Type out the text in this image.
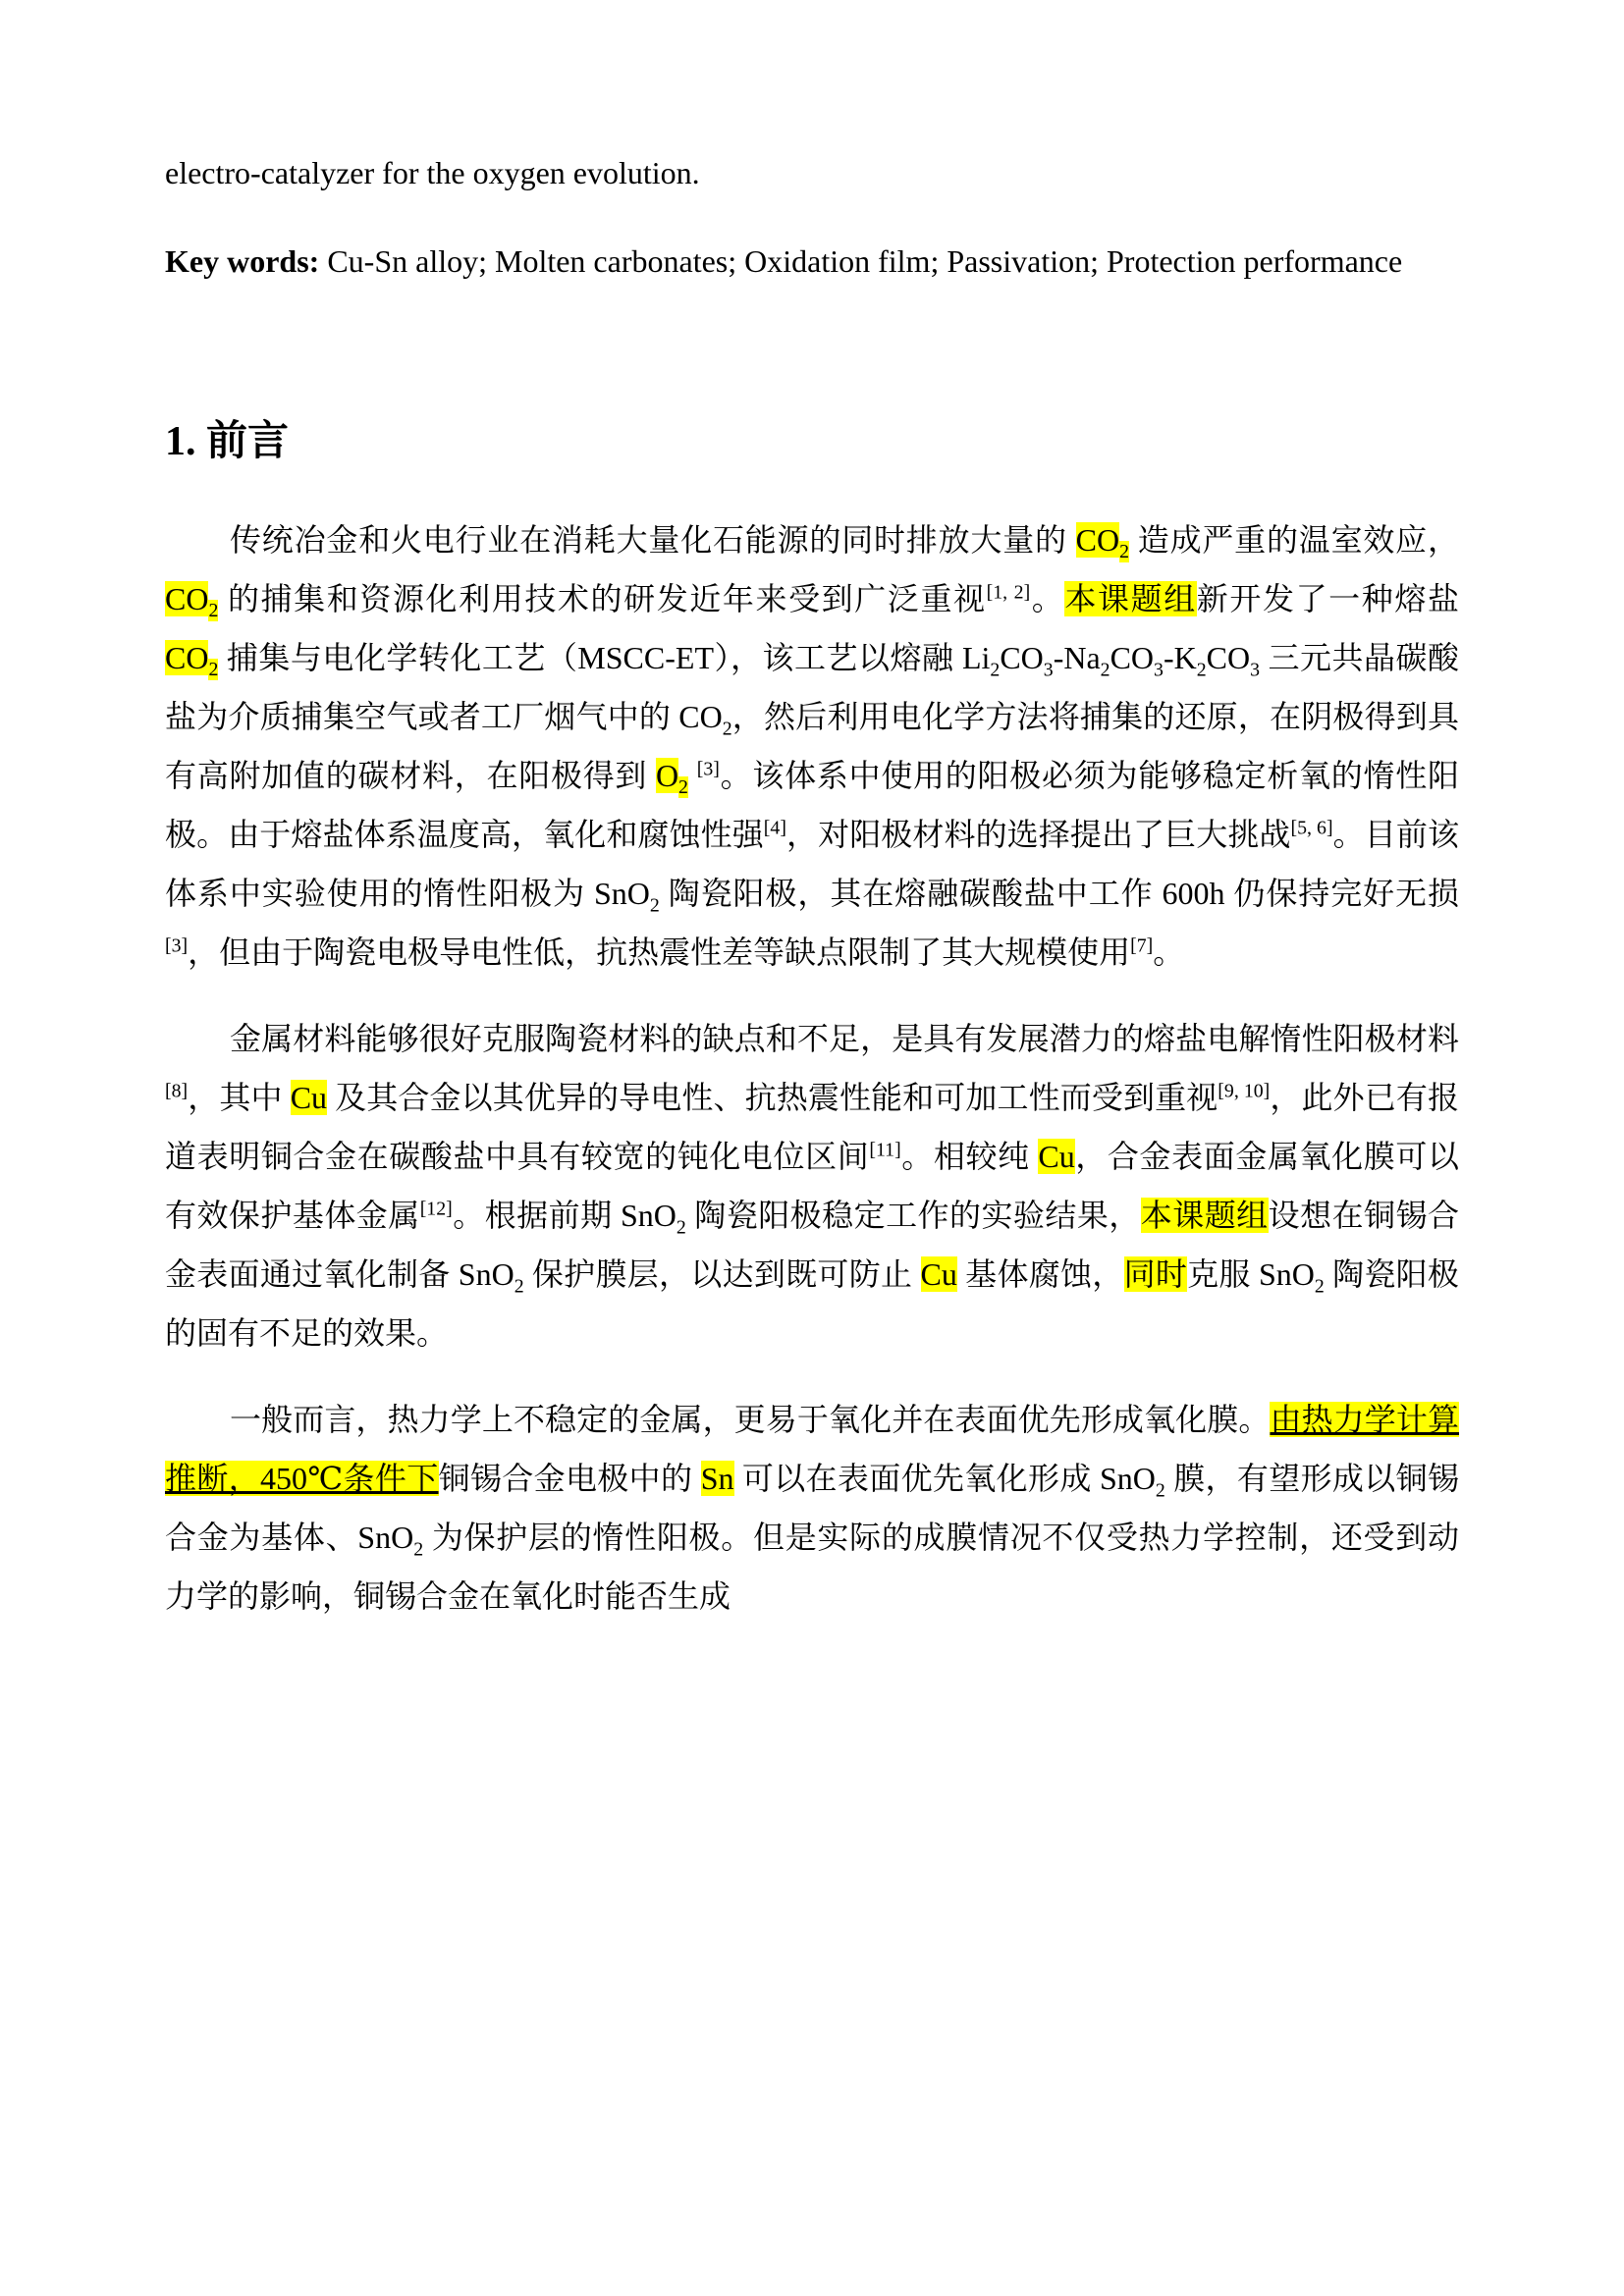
electro-catalyzer for the oxygen evolution.

Key words: Cu-Sn alloy; Molten carbonates; Oxidation film; Passivation; Protection performance

1. 前言

传统冶金和火电行业在消耗大量化石能源的同时排放大量的 $CO_2$ 造成严重的温室效应，$CO_2$ 的捕集和资源化利用技术的研发近年来受到广泛重视[1, 2]。本课题组新开发了一种熔盐 $CO_2$ 捕集与电化学转化工艺（MSCC-ET），该工艺以熔融 $Li_2CO_3-Na_2CO_3-K_2CO_3$ 三元共晶碳酸盐为介质捕集空气或者工厂烟气中的 $CO_2$，然后利用电化学方法将捕集的还原，在阴极得到具有高附加值的碳材料，在阳极得到 $O_2$ [3]。该体系中使用的阳极必须为能够稳定析氧的惰性阳极。由于熔盐体系温度高，氧化和腐蚀性强[4]，对阳极材料的选择提出了巨大挑战[5, 6]。目前该体系中实验使用的惰性阳极为 SnO$_2$ 陶瓷阳极，其在熔融碳酸盐中工作 600h 仍保持完好无损[3]，但由于陶瓷电极导电性低，抗热震性差等缺点限制了其大规模使用[7]。

金属材料能够很好克服陶瓷材料的缺点和不足，是具有发展潜力的熔盐电解惰性阳极材料 [8]，其中 Cu 及其合金以其优异的导电性、抗热震性能和可加工性而受到重视[9, 10]，此外已有报道表明铜合金在碳酸盐中具有较宽的钝化电位区间[11]。相较纯 Cu，合金表面金属氧化膜可以有效保护基体金属[12]。根据前期 SnO$_2$ 陶瓷阳极稳定工作的实验结果，本课题组设想在铜锡合金表面通过氧化制备 SnO$_2$ 保护膜层，以达到既可防止 Cu 基体腐蚀，同时克服 SnO$_2$ 陶瓷阳极的固有不足的效果。

一般而言，热力学上不稳定的金属，更易于氧化并在表面优先形成氧化膜。由热力学计算推断，450℃条件下铜锡合金电极中的 Sn 可以在表面优先氧化形成 SnO$_2$ 膜，有望形成以铜锡合金为基体、SnO$_2$ 为保护层的惰性阳极。但是实际的成膜情况不仅受热力学控制，还受到动力学的影响，铜锡合金在氧化时能否生成
